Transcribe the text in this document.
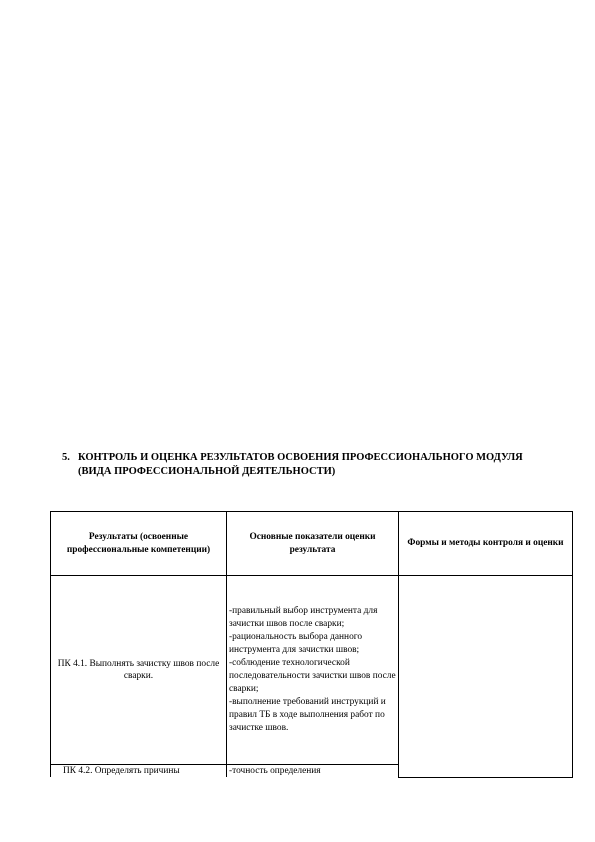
5. КОНТРОЛЬ И ОЦЕНКА РЕЗУЛЬТАТОВ ОСВОЕНИЯ ПРОФЕССИОНАЛЬНОГО МОДУЛЯ (ВИДА ПРОФЕССИОНАЛЬНОЙ ДЕЯТЕЛЬНОСТИ)
Результаты (освоенные профессиональные компетенции)	Основные показатели оценки результата	Формы и методы контроля и оценки
ПК 4.1. Выполнять зачистку швов после сварки.	-правильный выбор инструмента для зачистки швов после сварки;
-рациональность выбора данного инструмента для зачистки швов;
-соблюдение технологической последовательности зачистки швов после сварки;
-выполнение требований инструкций и правил ТБ в ходе выполнения работ по зачистке швов.	

ПК 4.2. Определять причины	-точность определения	
